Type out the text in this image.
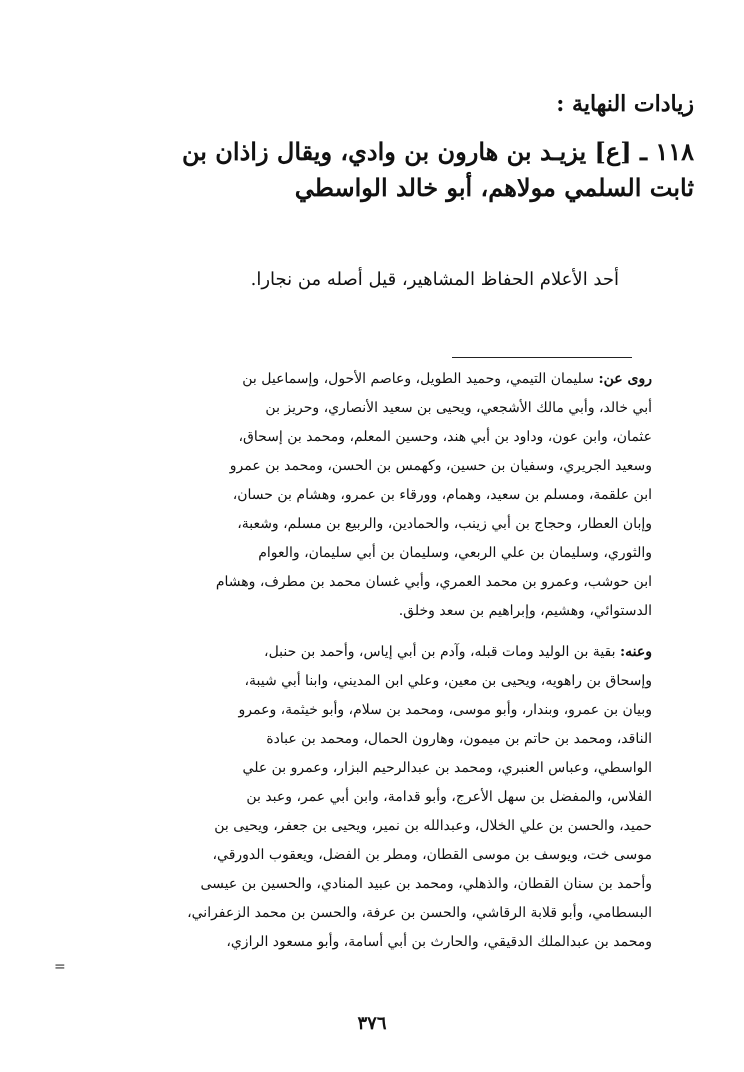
زيادات النهاية :
١١٨ ـ [ع] يزيـد بن هارون بن وادي، ويقال زاذان بن
ثابت السلمي مولاهم، أبو خالد الواسطي
أحد الأعلام الحفاظ المشاهير، قيل أصله من نجارا.
روى عن: سليمان التيمي، وحميد الطويل، وعاصم الأحول، وإسماعيل بن
أبي خالد، وأبي مالك الأشجعي، ويحيى بن سعيد الأنصاري، وحريز بن
عثمان، وابن عون، وداود بن أبي هند، وحسين المعلم، ومحمد بن إسحاق،
وسعيد الجريري، وسفيان بن حسين، وكهمس بن الحسن، ومحمد بن عمرو
ابن علقمة، ومسلم بن سعيد، وهمام، وورقاء بن عمرو، وهشام بن حسان،
وإبان العطار، وحجاج بن أبي زينب، والحمادين، والربيع بن مسلم، وشعبة،
والثوري، وسليمان بن علي الربعي، وسليمان بن أبي سليمان، والعوام
ابن حوشب، وعمرو بن محمد العمري، وأبي غسان محمد بن مطرف، وهشام
الدستوائي، وهشيم، وإبراهيم بن سعد وخلق.
وعنه: بقية بن الوليد ومات قبله، وآدم بن أبي إياس، وأحمد بن حنبل،
وإسحاق بن راهويه، ويحيى بن معين، وعلي ابن المديني، وابنا أبي شيبة،
وبيان بن عمرو، وبندار، وأبو موسى، ومحمد بن سلام، وأبو خيثمة، وعمرو
الناقد، ومحمد بن حاتم بن ميمون، وهارون الحمال، ومحمد بن عبادة
الواسطي، وعباس العنبري، ومحمد بن عبدالرحيم البزار، وعمرو بن علي
الفلاس، والمفضل بن سهل الأعرج، وأبو قدامة، وابن أبي عمر، وعبد بن
حميد، والحسن بن علي الخلال، وعبدالله بن نمير، ويحيى بن جعفر، ويحيى بن
موسى خت، ويوسف بن موسى القطان، ومطر بن الفضل، ويعقوب الدورقي،
وأحمد بن سنان القطان، والذهلي، ومحمد بن عبيد المنادي، والحسين بن عيسى
البسطامي، وأبو قلابة الرقاشي، والحسن بن عرفة، والحسن بن محمد الزعفراني،
ومحمد بن عبدالملك الدقيقي، والحارث بن أبي أسامة، وأبو مسعود الرازي،
=
٣٧٦
